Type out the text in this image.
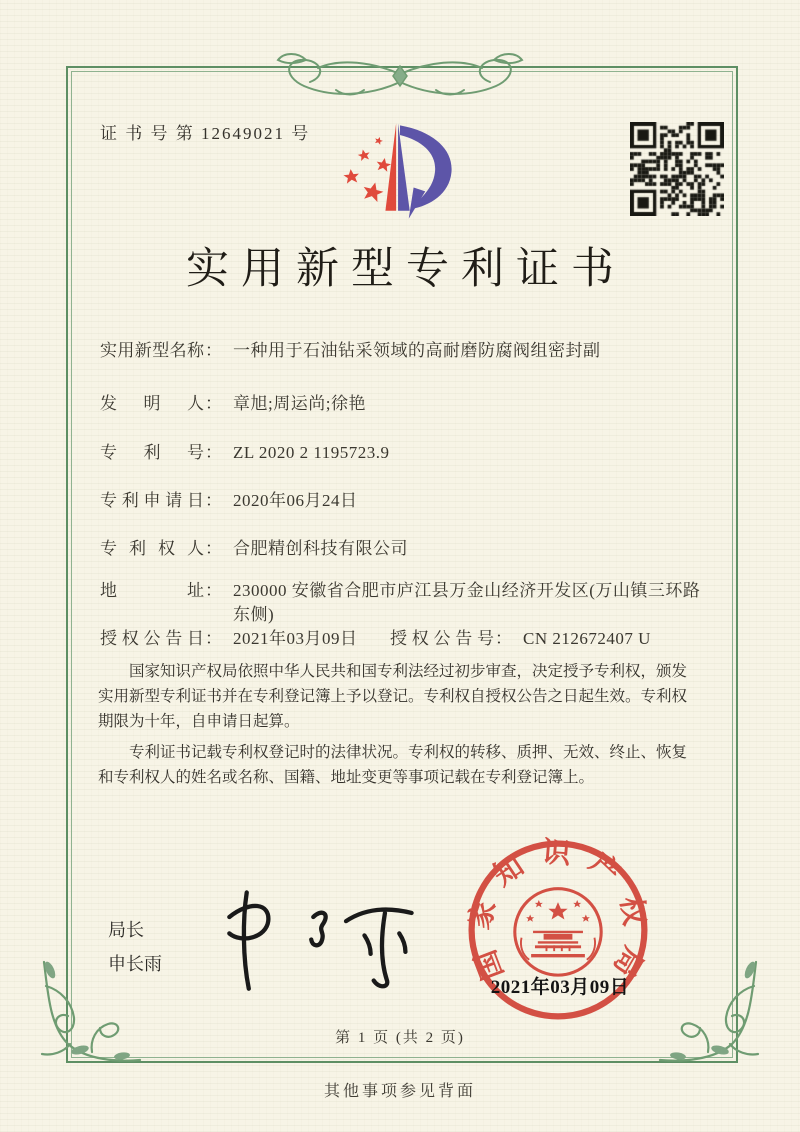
证 书 号 第 12649021 号
实用新型专利证书
实用新型名称 ： 一种用于石油钻采领域的高耐磨防腐阀组密封副
发明人 ： 章旭;周运尚;徐艳
专利号 ： ZL 2020 2 1195723.9
专利申请日 ： 2020年06月24日
专利权人 ： 合肥精创科技有限公司
地址 ： 230000 安徽省合肥市庐江县万金山经济开发区(万山镇三环路东侧)
授权公告日 ： 2021年03月09日 授权公告号 ： CN 212672407 U

国家知识产权局依照中华人民共和国专利法经过初步审查，决定授予专利权，颁发实用新型专利证书并在专利登记簿上予以登记。专利权自授权公告之日起生效。专利权期限为十年，自申请日起算。

专利证书记载专利权登记时的法律状况。专利权的转移、质押、无效、终止、恢复和专利权人的姓名或名称、国籍、地址变更等事项记载在专利登记簿上。

局长
申长雨	国家知识产权局
2021年03月09日
第 1 页 (共 2 页)
其他事项参见背面
